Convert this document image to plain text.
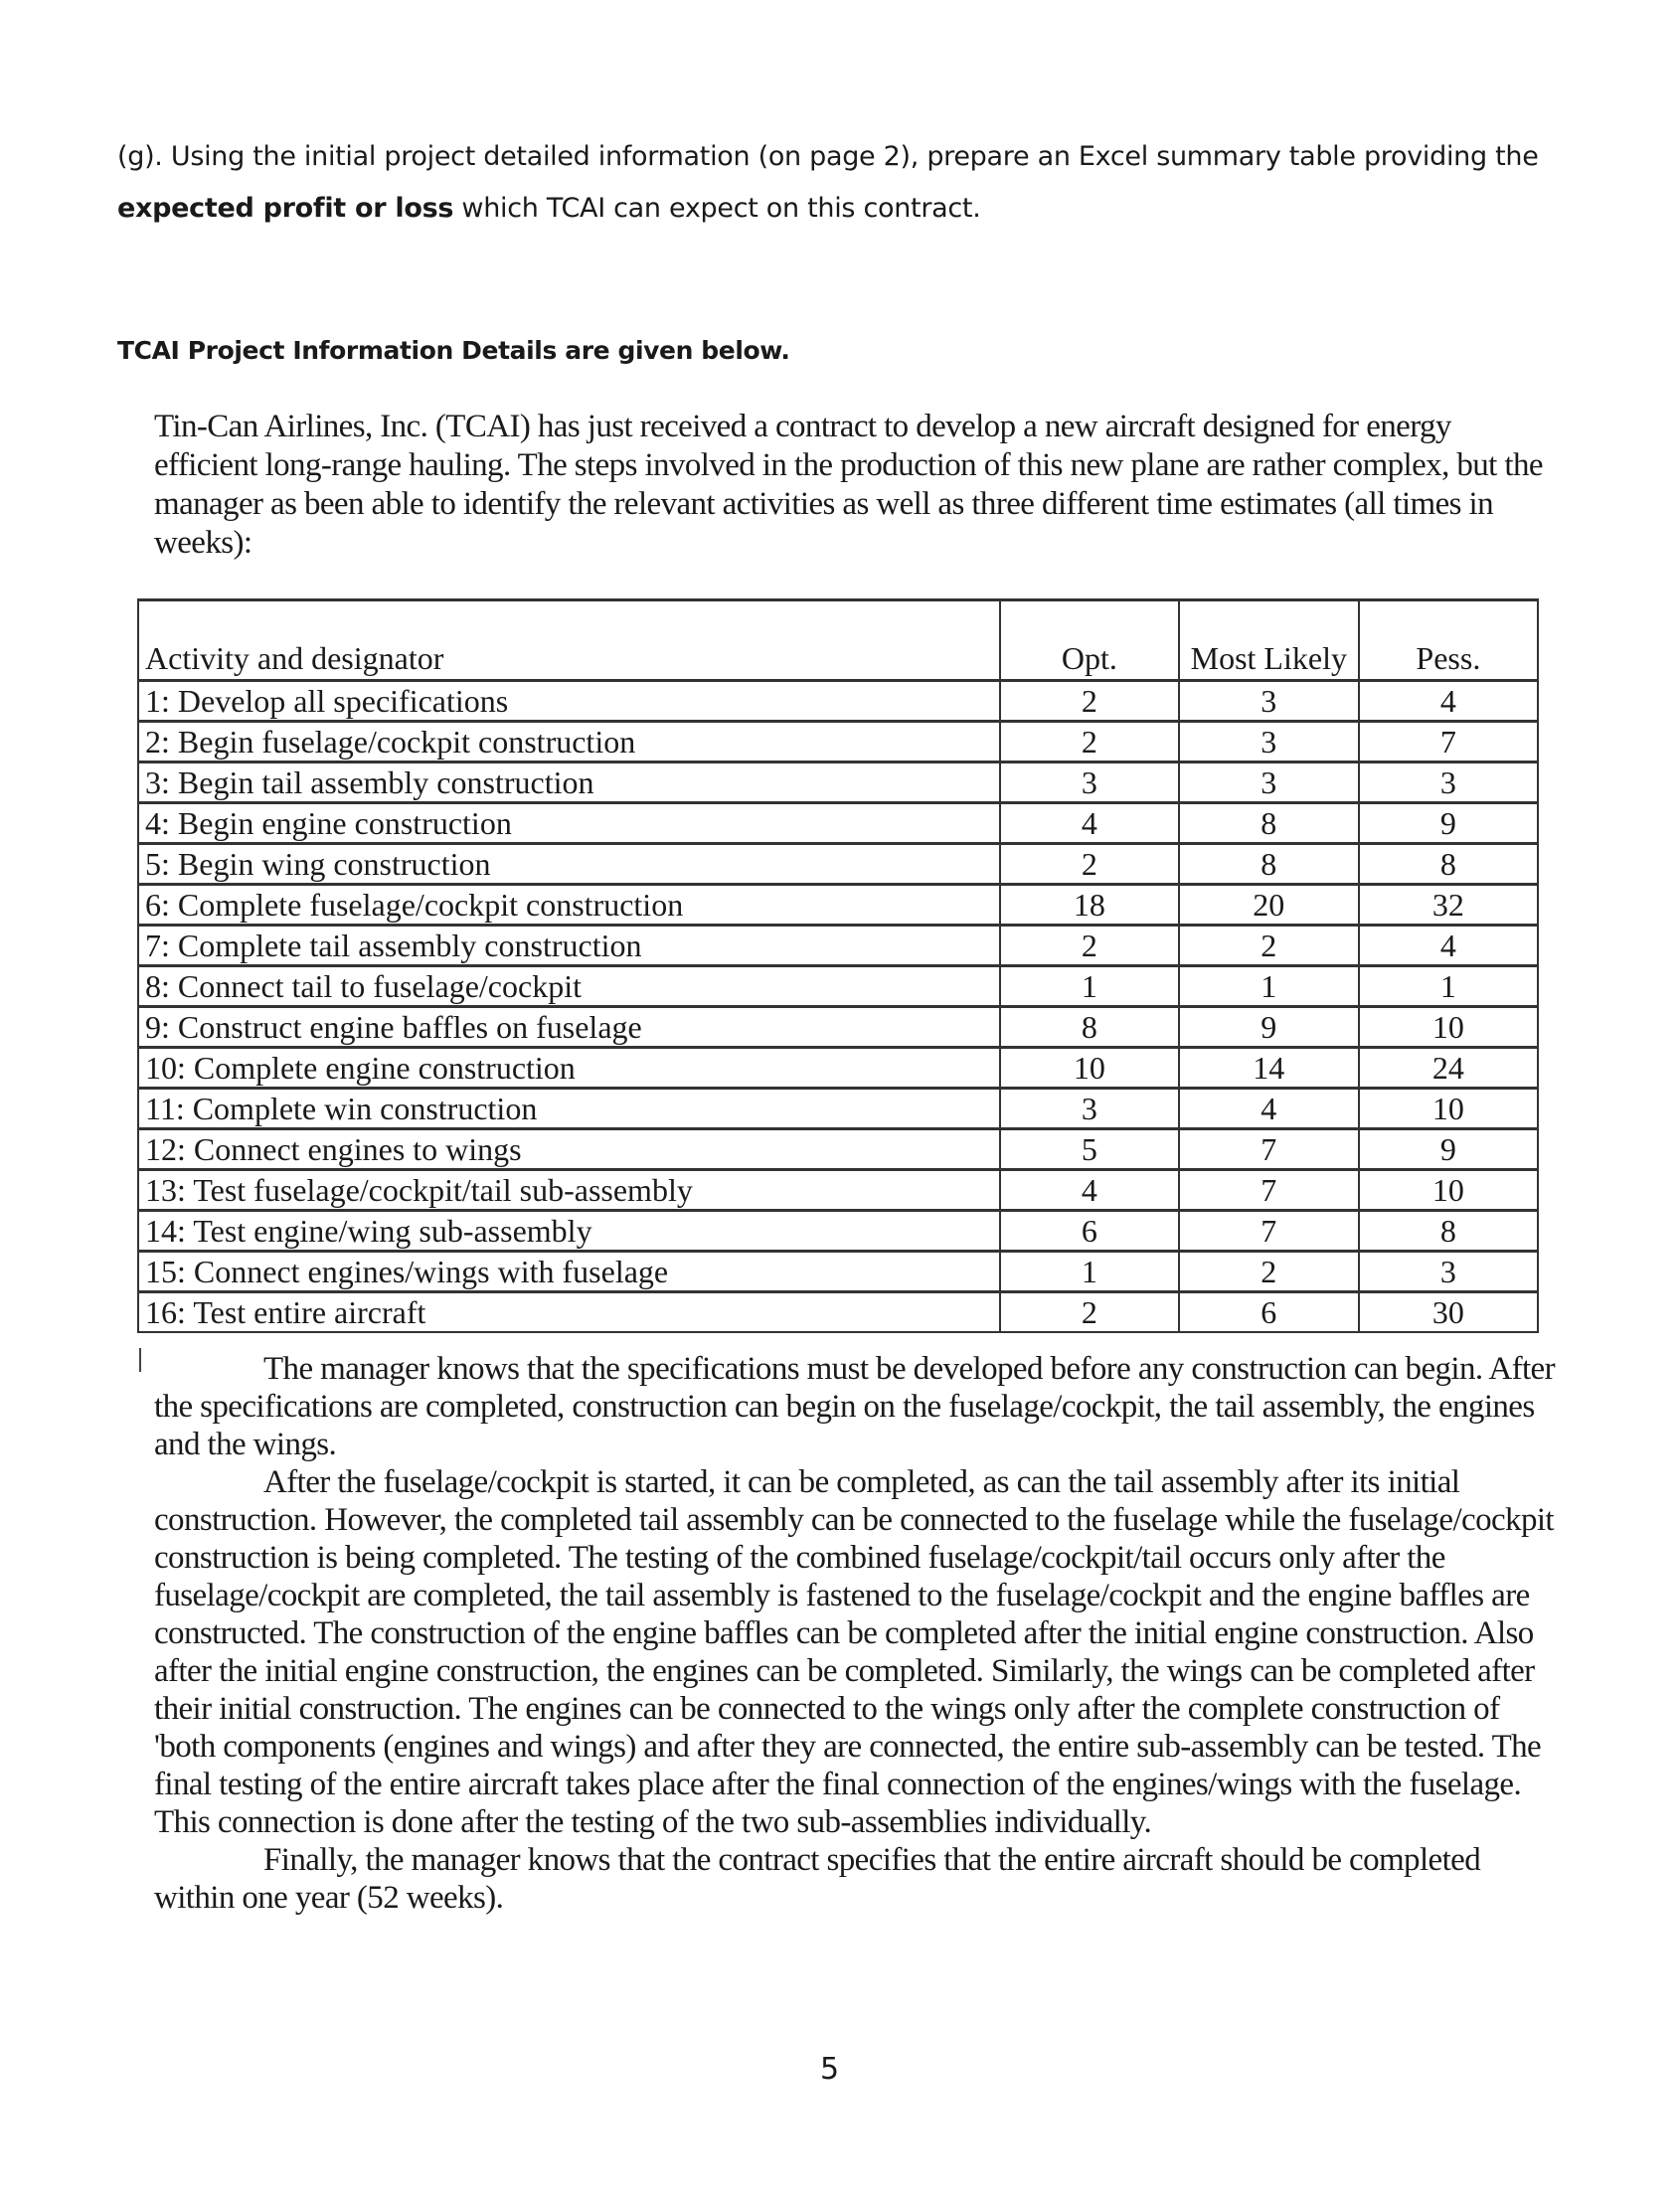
(g). Using the initial project detailed information (on page 2), prepare an Excel summary table providing the expected profit or loss which TCAI can expect on this contract.
TCAI Project Information Details are given below.
Tin-Can Airlines, Inc. (TCAI) has just received a contract to develop a new aircraft designed for energy efficient long-range hauling. The steps involved in the production of this new plane are rather complex, but the manager as been able to identify the relevant activities as well as three different time estimates (all times in weeks):
Activity and designator	Opt.	Most Likely	Pess.
1: Develop all specifications	2	3	4
2: Begin fuselage/cockpit construction	2	3	7
3: Begin tail assembly construction	3	3	3
4: Begin engine construction	4	8	9
5: Begin wing construction	2	8	8
6: Complete fuselage/cockpit construction	18	20	32
7: Complete tail assembly construction	2	2	4
8: Connect tail to fuselage/cockpit	1	1	1
9: Construct engine baffles on fuselage	8	9	10
10: Complete engine construction	10	14	24
11: Complete win construction	3	4	10
12: Connect engines to wings	5	7	9
13: Test fuselage/cockpit/tail sub-assembly	4	7	10
14: Test engine/wing sub-assembly	6	7	8
15: Connect engines/wings with fuselage	1	2	3
16: Test entire aircraft	2	6	30

The manager knows that the specifications must be developed before any construction can begin. After the specifications are completed, construction can begin on the fuselage/cockpit, the tail assembly, the engines and the wings.

After the fuselage/cockpit is started, it can be completed, as can the tail assembly after its initial construction. However, the completed tail assembly can be connected to the fuselage while the fuselage/cockpit construction is being completed. The testing of the combined fuselage/cockpit/tail occurs only after the fuselage/cockpit are completed, the tail assembly is fastened to the fuselage/cockpit and the engine baffles are constructed. The construction of the engine baffles can be completed after the initial engine construction. Also after the initial engine construction, the engines can be completed. Similarly, the wings can be completed after their initial construction. The engines can be connected to the wings only after the complete construction of 'both components (engines and wings) and after they are connected, the entire sub-assembly can be tested. The final testing of the entire aircraft takes place after the final connection of the engines/wings with the fuselage. This connection is done after the testing of the two sub-assemblies individually.

Finally, the manager knows that the contract specifies that the entire aircraft should be completed within one year (52 weeks).

5
